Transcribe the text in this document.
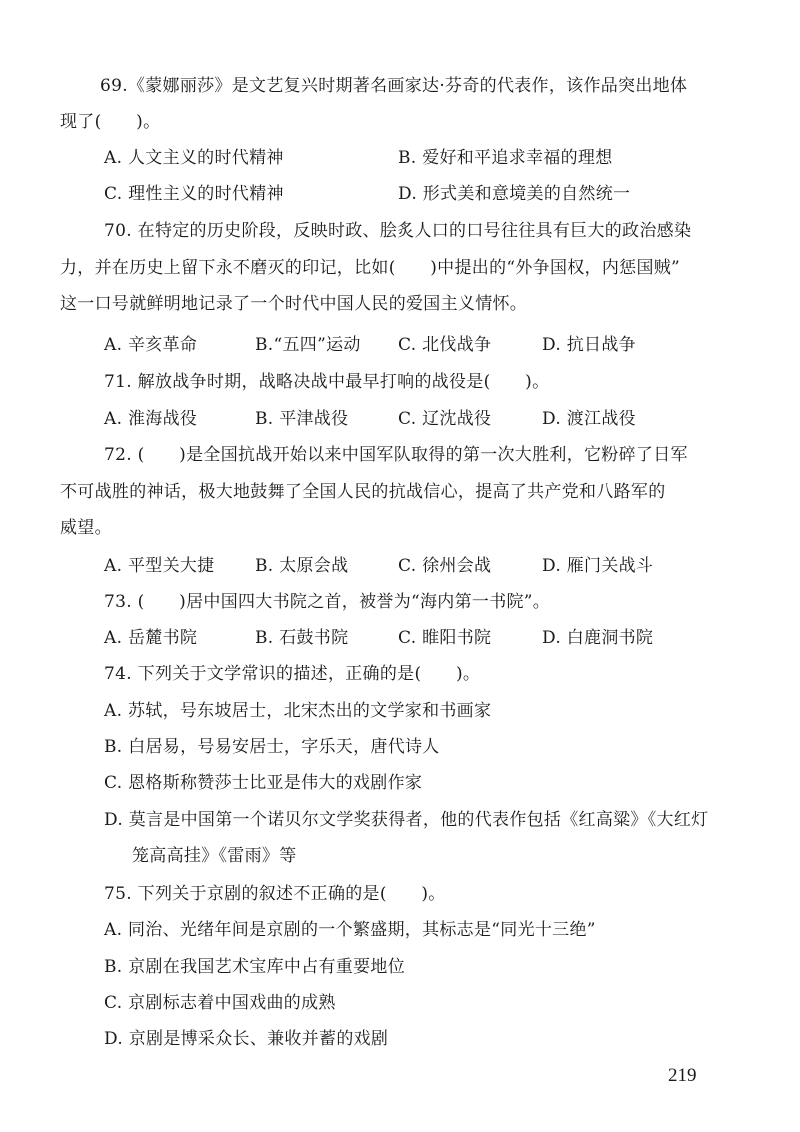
69.《蒙娜丽莎》是文艺复兴时期著名画家达·芬奇的代表作，该作品突出地体
现了(　　)。
A. 人文主义的时代精神	B. 爱好和平追求幸福的理想
C. 理性主义的时代精神	D. 形式美和意境美的自然统一
70. 在特定的历史阶段，反映时政、脍炙人口的口号往往具有巨大的政治感染
力，并在历史上留下永不磨灭的印记，比如(　　)中提出的“外争国权，内惩国贼”
这一口号就鲜明地记录了一个时代中国人民的爱国主义情怀。
A. 辛亥革命	B.“五四”运动 C. 北伐战争	D. 抗日战争
71. 解放战争时期，战略决战中最早打响的战役是(　　)。
A. 淮海战役	B. 平津战役	C. 辽沈战役	D. 渡江战役
72. (　　)是全国抗战开始以来中国军队取得的第一次大胜利，它粉碎了日军
不可战胜的神话，极大地鼓舞了全国人民的抗战信心，提高了共产党和八路军的
威望。
A. 平型关大捷 B. 太原会战	C. 徐州会战	D. 雁门关战斗
73. (　　)居中国四大书院之首，被誉为“海内第一书院”。
A. 岳麓书院	B. 石鼓书院	C. 睢阳书院	D. 白鹿洞书院
74. 下列关于文学常识的描述，正确的是(　　)。
A. 苏轼，号东坡居士，北宋杰出的文学家和书画家
B. 白居易，号易安居士，字乐天，唐代诗人
C. 恩格斯称赞莎士比亚是伟大的戏剧作家
D. 莫言是中国第一个诺贝尔文学奖获得者，他的代表作包括《红高粱》《大红灯
笼高高挂》《雷雨》等
75. 下列关于京剧的叙述不正确的是(　　)。
A. 同治、光绪年间是京剧的一个繁盛期，其标志是“同光十三绝”
B. 京剧在我国艺术宝库中占有重要地位
C. 京剧标志着中国戏曲的成熟
D. 京剧是博采众长、兼收并蓄的戏剧
219
